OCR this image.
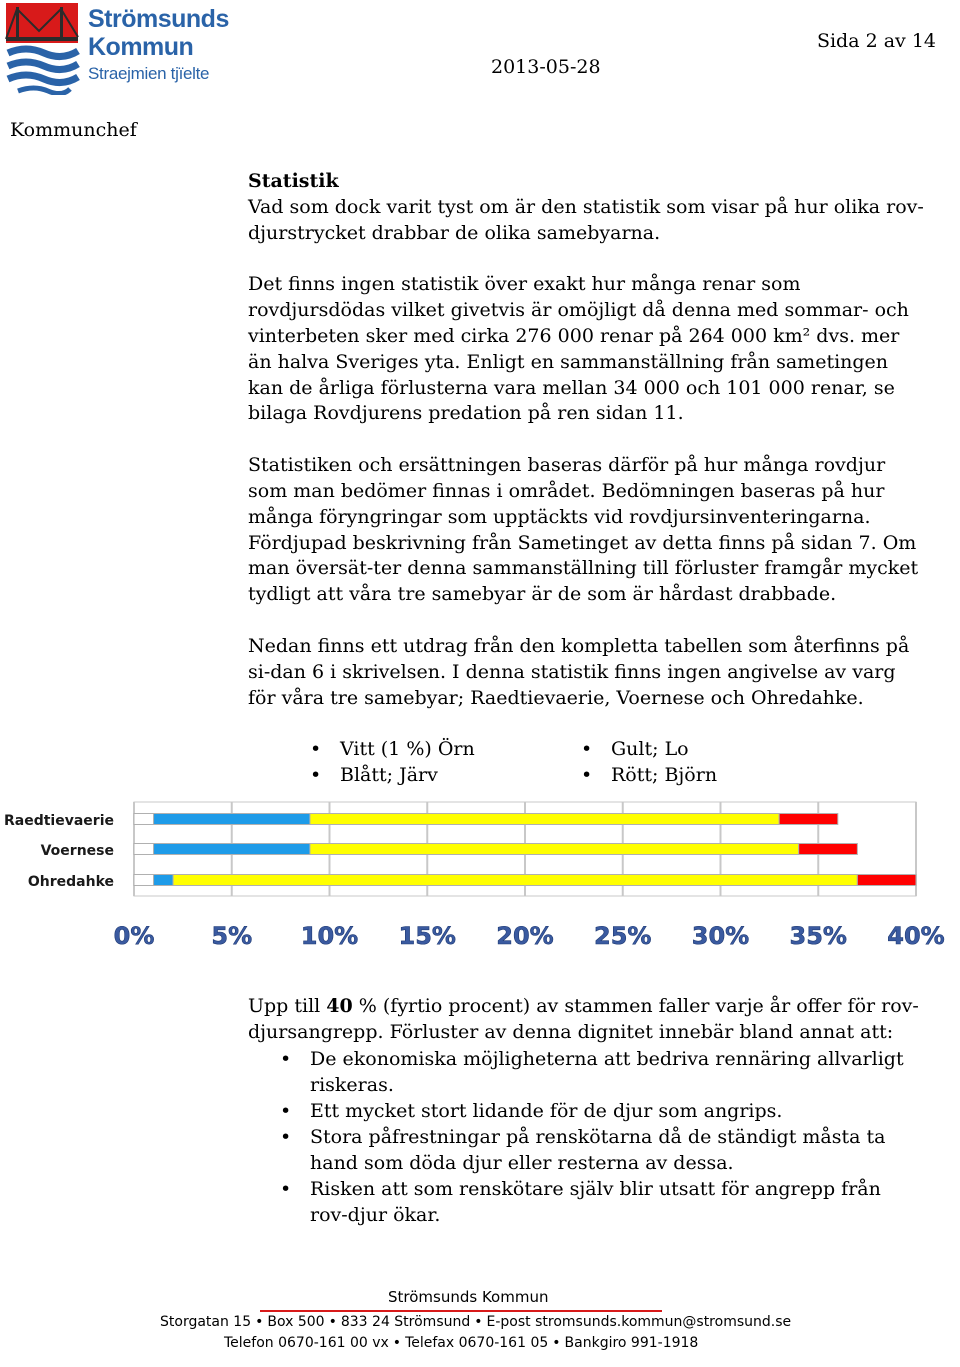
Strömsunds
Kommun
Straejmien tjïelte	2013-05-28
Sida 2 av 14
Kommunchef

Statistik

Vad som dock varit tyst om är den statistik som visar på hur olika rov-djurstrycket drabbar de olika samebyarna.

Det finns ingen statistik över exakt hur många renar som rovdjursdödas vilket givetvis är omöjligt då denna med sommar- och vinterbeten sker med cirka 276 000 renar på 264 000 km² dvs. mer än halva Sveriges yta. Enligt en sammanställning från sametingen kan de årliga förlusterna vara mellan 34 000 och 101 000 renar, se bilaga Rovdjurens predation på ren sidan 11.

Statistiken och ersättningen baseras därför på hur många rovdjur som man bedömer finnas i området. Bedömningen baseras på hur många föryngringar som upptäckts vid rovdjursinventeringarna. Fördjupad beskrivning från Sametinget av detta finns på sidan 7. Om man översät-ter denna sammanställning till förluster framgår mycket tydligt att våra tre samebyar är de som är hårdast drabbade.

Nedan finns ett utdrag från den kompletta tabellen som återfinns på si-dan 6 i skrivelsen. I denna statistik finns ingen angivelse av varg för våra tre samebyar; Raedtievaerie, Voernese och Ohredahke.

• Vitt (1 %) Örn
• Blått; Järv
• Gult; Lo
• Rött; Björn
0% 5% 10% 15% 20% 25% 30% 35% 40%
Raedtievaerie
Voernese
Ohredahke

Upp till 40 % (fyrtio procent) av stammen faller varje år offer för rov-djursangrepp. Förluster av denna dignitet innebär bland annat att:

• De ekonomiska möjligheterna att bedriva rennäring allvarligt riskeras.
• Ett mycket stort lidande för de djur som angrips.
• Stora påfrestningar på renskötarna då de ständigt måsta ta hand som döda djur eller resterna av dessa.
• Risken att som renskötare själv blir utsatt för angrepp från rov-djur ökar.
Strömsunds Kommun
Storgatan 15 • Box 500 • 833 24 Strömsund • E-post stromsunds.kommun@stromsund.se
Telefon 0670-161 00 vx • Telefax 0670-161 05 • Bankgiro 991-1918
